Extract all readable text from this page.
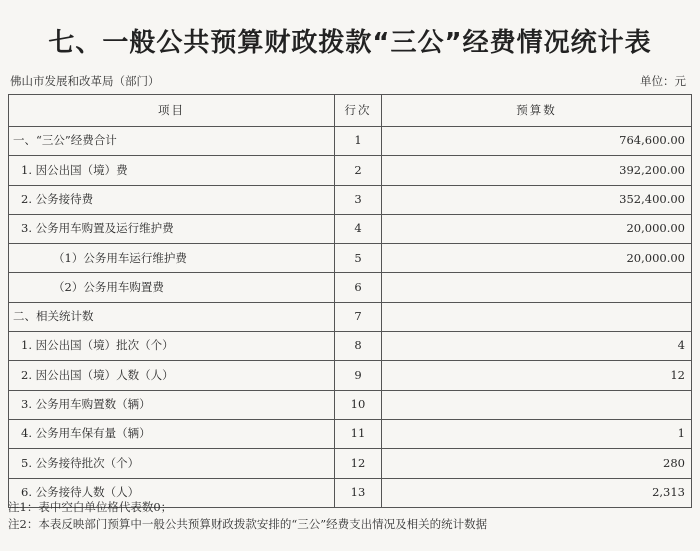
七、一般公共预算财政拨款“三公”经费情况统计表
佛山市发展和改革局（部门）	单位：元
项目	行次	预算数
一、“三公”经费合计	1	764,600.00
1. 因公出国（境）费	2	392,200.00
2. 公务接待费	3	352,400.00
3. 公务用车购置及运行维护费	4	20,000.00
（1）公务用车运行维护费	5	20,000.00
（2）公务用车购置费	6	
二、相关统计数	7	
1. 因公出国（境）批次（个）	8	4
2. 因公出国（境）人数（人）	9	12
3. 公务用车购置数（辆）	10	
4. 公务用车保有量（辆）	11	1
5. 公务接待批次（个）	12	280
6. 公务接待人数（人）	13	2,313
注1：表中空白单位格代表数0；
注2：本表反映部门预算中一般公共预算财政拨款安排的“三公”经费支出情况及相关的统计数据
